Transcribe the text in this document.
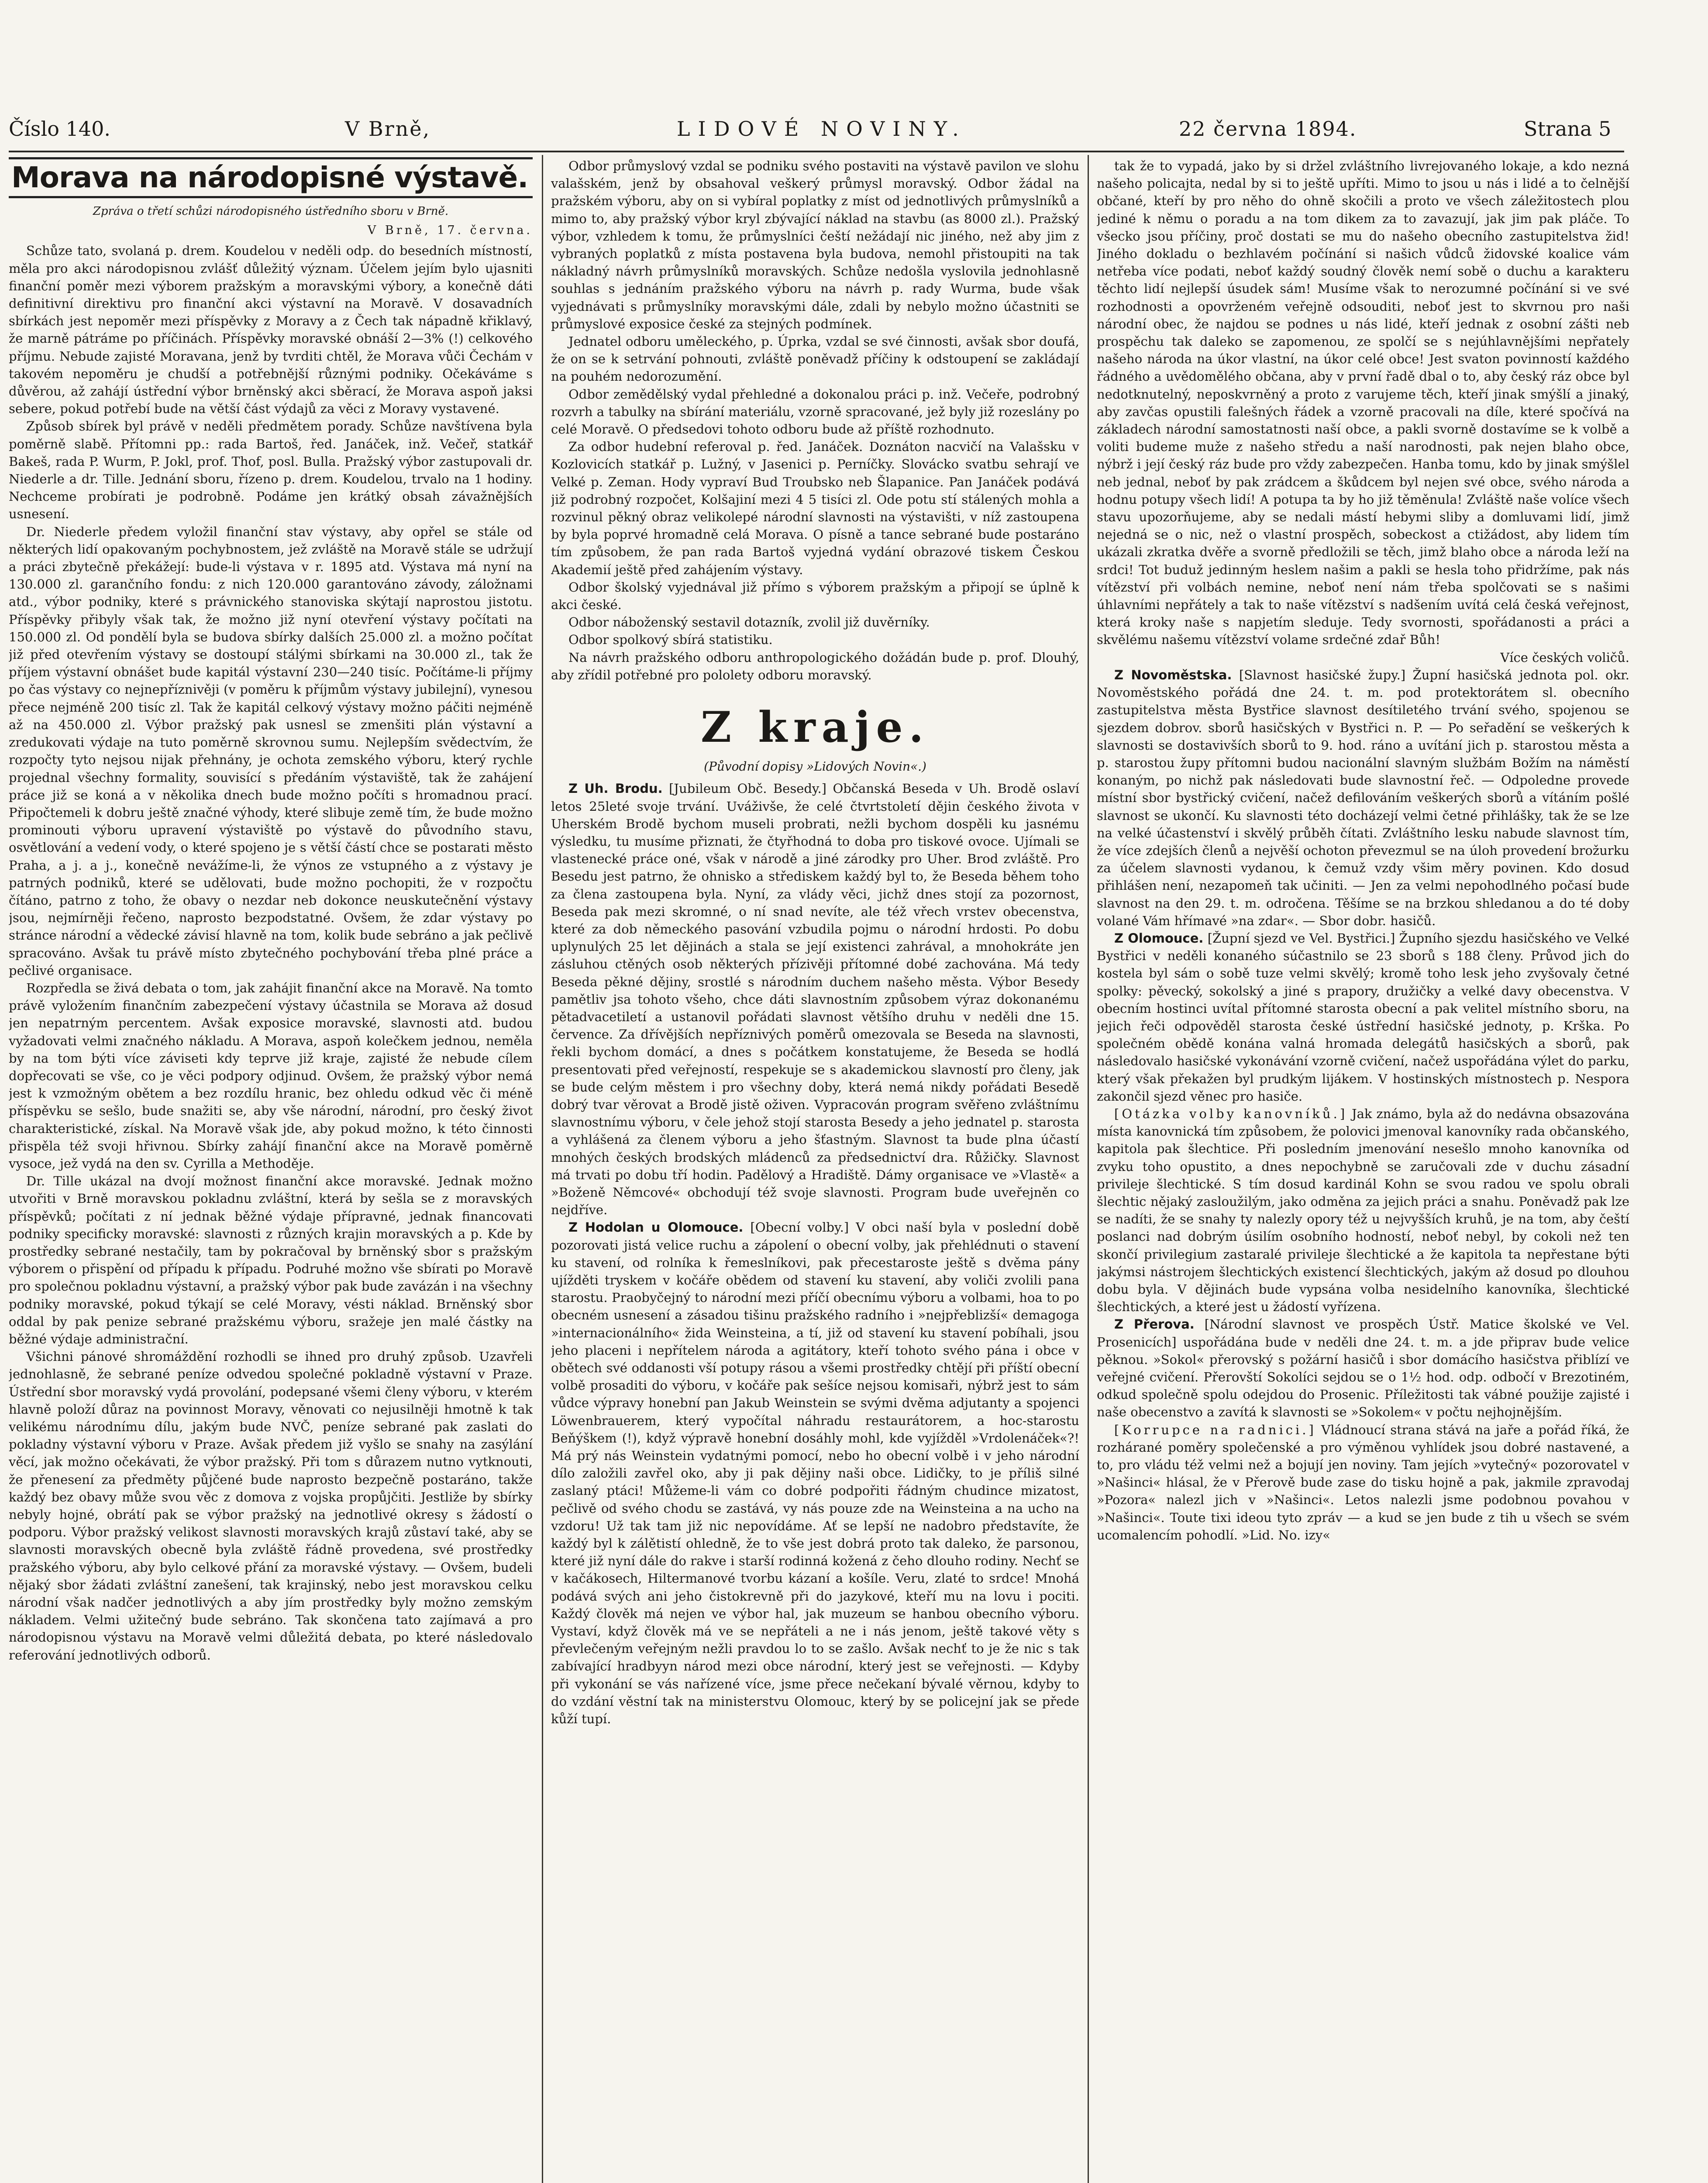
Číslo 140.	V Brně,	LIDOVÉ NOVINY.	22 června 1894.	Strana 5
Morava na národopisné výstavě.
Zpráva o třetí schůzi národopisného ústředního sboru v Brně.
V Brně, 17. června.

Schůze tato, svolaná p. drem. Koudelou v neděli odp. do besedních místností, měla pro akci národopisnou zvlášť důležitý význam. Účelem jejím bylo ujasniti finanční poměr mezi výborem pražským a moravskými výbory, a konečně dáti definitivní direktivu pro finanční akci výstavní na Moravě. V dosavadních sbírkách jest nepoměr mezi příspěvky z Moravy a z Čech tak nápadně křiklavý, že marně pátráme po příčinách. Příspěvky moravské obnáší 2—3% (!) celkového příjmu. Nebude zajisté Moravana, jenž by tvrditi chtěl, že Morava vůči Čechám v takovém nepoměru je chudší a potřebnější různými podniky. Očekáváme s důvěrou, až zahájí ústřední výbor brněnský akci sběrací, že Morava aspoň jaksi sebere, pokud potřebí bude na větší část výdajů za věci z Moravy vystavené.

Způsob sbírek byl právě v neděli předmětem porady. Schůze navštívena byla poměrně slabě. Přítomni pp.: rada Bartoš, řed. Janáček, inž. Večeř, statkář Bakeš, rada P. Wurm, P. Jokl, prof. Thof, posl. Bulla. Pražský výbor zastupovali dr. Niederle a dr. Tille. Jednání sboru, řízeno p. drem. Koudelou, trvalo na 1 hodiny. Nechceme probírati je podrobně. Podáme jen krátký obsah závažnějších usnesení.

Dr. Niederle předem vyložil finanční stav výstavy, aby opřel se stále od některých lidí opakovaným pochybnostem, jež zvláště na Moravě stále se udržují a práci zbytečně překážejí: bude-li výstava v r. 1895 atd. Výstava má nyní na 130.000 zl. garančního fondu: z nich 120.000 garantováno závody, záložnami atd., výbor podniky, které s právnického stanoviska skýtají naprostou jistotu. Příspěvky přibyly však tak, že možno již nyní otevření výstavy počítati na 150.000 zl. Od pondělí byla se budova sbírky dalších 25.000 zl. a možno počítat již před otevřením výstavy se dostoupí stálými sbírkami na 30.000 zl., tak že příjem výstavní obnášet bude kapitál výstavní 230—240 tisíc. Počítáme-li příjmy po čas výstavy co nejnepříznivěji (v poměru k příjmům výstavy jubilejní), vynesou přece nejméně 200 tisíc zl. Tak že kapitál celkový výstavy možno páčiti nejméně až na 450.000 zl. Výbor pražský pak usnesl se zmenšiti plán výstavní a zredukovati výdaje na tuto poměrně skrovnou sumu. Nejlepším svědectvím, že rozpočty tyto nejsou nijak přehnány, je ochota zemského výboru, který rychle projednal všechny formality, souvisící s předáním výstaviště, tak že zahájení práce již se koná a v několika dnech bude možno počíti s hromadnou prací. Připočtemeli k dobru ještě značné výhody, které slibuje země tím, že bude možno prominouti výboru upravení výstaviště po výstavě do původního stavu, osvětlování a vedení vody, o které spojeno je s větší částí chce se postarati město Praha, a j. a j., konečně nevážíme-li, že výnos ze vstupného a z výstavy je patrných podniků, které se udělovati, bude možno pochopiti, že v rozpočtu čítáno, patrno z toho, že obavy o nezdar neb dokonce neuskutečnění výstavy jsou, nejmírněji řečeno, naprosto bezpodstatné. Ovšem, že zdar výstavy po stránce národní a vědecké závisí hlavně na tom, kolik bude sebráno a jak pečlivě spracováno. Avšak tu právě místo zbytečného pochybování třeba plné práce a pečlivé organisace.

Rozpředla se živá debata o tom, jak zahájit finanční akce na Moravě. Na tomto právě vyložením finančním zabezpečení výstavy účastnila se Morava až dosud jen nepatrným percentem. Avšak exposice moravské, slavnosti atd. budou vyžadovati velmi značného nákladu. A Morava, aspoň kolečkem jednou, neměla by na tom býti více záviseti kdy teprve již kraje, zajisté že nebude cílem dopřecovati se vše, co je věci podpory odjinud. Ovšem, že pražský výbor nemá jest k vzmožným obětem a bez rozdílu hranic, bez ohledu odkud věc či méně příspěvku se sešlo, bude snažiti se, aby vše národní, národní, pro český život charakteristické, získal. Na Moravě však jde, aby pokud možno, k této činnosti přispěla též svoji hřivnou. Sbírky zahájí finanční akce na Moravě poměrně vysoce, jež vydá na den sv. Cyrilla a Methoděje.

Dr. Tille ukázal na dvojí možnost finanční akce moravské. Jednak možno utvořiti v Brně moravskou pokladnu zvláštní, která by sešla se z moravských příspěvků; počítati z ní jednak běžné výdaje přípravné, jednak financovati podniky specificky moravské: slavnosti z různých krajin moravských a p. Kde by prostředky sebrané nestačily, tam by pokračoval by brněnský sbor s pražským výborem o přispění od případu k případu. Podruhé možno vše sbírati po Moravě pro společnou pokladnu výstavní, a pražský výbor pak bude zavázán i na všechny podniky moravské, pokud týkají se celé Moravy, vésti náklad. Brněnský sbor oddal by pak penize sebrané pražskému výboru, sražeje jen malé částky na běžné výdaje administrační.

Všichni pánové shromáždění rozhodli se ihned pro druhý způsob. Uzavřeli jednohlasně, že sebrané peníze odvedou společné pokladně výstavní v Praze. Ústřední sbor moravský vydá provolání, podepsané všemi členy výboru, v kterém hlavně položí důraz na povinnost Moravy, věnovati co nejusilněji hmotně k tak velikému národnímu dílu, jakým bude NVČ, peníze sebrané pak zaslati do pokladny výstavní výboru v Praze. Avšak předem již vyšlo se snahy na zasýlání věcí, jak možno očekávati, že výbor pražský. Při tom s důrazem nutno vytknouti, že přenesení za předměty půjčené bude naprosto bezpečně postaráno, takže každý bez obavy může svou věc z domova z vojska propůjčiti. Jestliže by sbírky nebyly hojné, obrátí pak se výbor pražský na jednotlivé okresy s žádostí o podporu. Výbor pražský velikost slavnosti moravských krajů zůstaví také, aby se slavnosti moravských obecně byla zvláště řádně provedena, své prostředky pražského výboru, aby bylo celkové přání za moravské výstavy. — Ovšem, budeli nějaký sbor žádati zvláštní zanešení, tak krajinský, nebo jest moravskou celku národní však nadčer jednotlivých a aby jím prostředky byly možno zemským nákladem. Velmi užitečný bude sebráno. Tak skončena tato zajímavá a pro národopisnou výstavu na Moravě velmi důležitá debata, po které následovalo referování jednotlivých odborů.

Odbor průmyslový vzdal se podniku svého postaviti na výstavě pavilon ve slohu valašském, jenž by obsahoval veškerý průmysl moravský. Odbor žádal na pražském výboru, aby on si vybíral poplatky z míst od jednotlivých průmyslníků a mimo to, aby pražský výbor kryl zbývající náklad na stavbu (as 8000 zl.). Pražský výbor, vzhledem k tomu, že průmyslníci čeští nežádají nic jiného, než aby jim z vybraných poplatků z místa postavena byla budova, nemohl přistoupiti na tak nákladný návrh průmyslníků moravských. Schůze nedošla vyslovila jednohlasně souhlas s jednáním pražského výboru na návrh p. rady Wurma, bude však vyjednávati s průmyslníky moravskými dále, zdali by nebylo možno účastniti se průmyslové exposice české za stejných podmínek.

Jednatel odboru uměleckého, p. Úprka, vzdal se své činnosti, avšak sbor doufá, že on se k setrvání pohnouti, zvláště poněvadž příčiny k odstoupení se zakládají na pouhém nedorozumění.

Odbor zemědělský vydal přehledné a dokonalou práci p. inž. Večeře, podrobný rozvrh a tabulky na sbírání materiálu, vzorně spracované, jež byly již rozeslány po celé Moravě. O předsedovi tohoto odboru bude až příště rozhodnuto.

Za odbor hudební referoval p. řed. Janáček. Doznáton nacvičí na Valašsku v Kozlovicích statkář p. Lužný, v Jasenici p. Perníčky. Slovácko svatbu sehrají ve Velké p. Zeman. Hody vypraví Bud Troubsko neb Šlapanice. Pan Janáček podává již podrobný rozpočet, Kolšajiní mezi 4 5 tisíci zl. Ode potu stí stálených mohla a rozvinul pěkný obraz velikolepé národní slavnosti na výstavišti, v níž zastoupena by byla poprvé hromadně celá Morava. O písně a tance sebrané bude postaráno tím způsobem, že pan rada Bartoš vyjedná vydání obrazové tiskem Českou Akademií ještě před zahájením výstavy.

Odbor školský vyjednával již přímo s výborem pražským a připojí se úplně k akci české.

Odbor náboženský sestavil dotazník, zvolil již duvěrníky.

Odbor spolkový sbírá statistiku.

Na návrh pražského odboru anthropologického dožádán bude p. prof. Dlouhý, aby zřídil potřebné pro pololety odboru moravský.

Z kraje.
(Původní dopisy »Lidových Novin«.)

Z Uh. Brodu. [Jubileum Obč. Besedy.] Občanská Beseda v Uh. Brodě oslaví letos 25leté svoje trvání. Uváživše, že celé čtvrtstoletí dějin českého života v Uherském Brodě bychom museli probrati, nežli bychom dospěli ku jasnému výsledku, tu musíme přiznati, že čtyřhodná to doba pro tiskové ovoce. Ujímali se vlastenecké práce oné, však v národě a jiné zárodky pro Uher. Brod zvláště. Pro Besedu jest patrno, že ohnisko a střediskem každý byl to, že Beseda během toho za člena zastoupena byla. Nyní, za vlády věci, jichž dnes stojí za pozornost, Beseda pak mezi skromné, o ní snad nevíte, ale též vřech vrstev obecenstva, které za dob německého pasování vzbudila pojmu o národní hrdosti. Po dobu uplynulých 25 let dějinách a stala se její existenci zahrával, a mnohokráte jen zásluhou ctěných osob některých přízivěji přítomné dobé zachována. Má tedy Beseda pěkné dějiny, srostlé s národním duchem našeho města. Výbor Besedy pamětliv jsa tohoto všeho, chce dáti slavnostním způsobem výraz dokonanému pětadvacetiletí a ustanovil pořádati slavnost většího druhu v neděli dne 15. července. Za dřívějších nepříznivých poměrů omezovala se Beseda na slavnosti, řekli bychom domácí, a dnes s počátkem konstatujeme, že Beseda se hodlá presentovati před veřejností, respekuje se s akademickou slavností pro členy, jak se bude celým městem i pro všechny doby, která nemá nikdy pořádati Besedě dobrý tvar věrovat a Brodě jistě oživen. Vypracován program svěřeno zvláštnímu slavnostnímu výboru, v čele jehož stojí starosta Besedy a jeho jednatel p. starosta a vyhlášená za členem výboru a jeho šťastným. Slavnost ta bude plna účastí mnohých českých brodských mládenců za předsednictví dra. Růžičky. Slavnost má trvati po dobu tří hodin. Padělový a Hradiště. Dámy organisace ve »Vlastě« a »Boženě Němcové« obchodují též svoje slavnosti. Program bude uveřejněn co nejdříve.

Z Hodolan u Olomouce. [Obecní volby.] V obci naší byla v poslední době pozorovati jistá velice ruchu a zápolení o obecní volby, jak přehlédnuti o stavení ku stavení, od rolníka k řemeslníkovi, pak přecestaroste ještě s dvěma pány ujížděti tryskem v kočáře obědem od stavení ku stavení, aby voliči zvolili pana starostu. Praobyčejný to národní mezi příčí obecnímu výboru a volbami, hoa to po obecném usnesení a zásadou tišinu pražského radního i »nejpřeblizší« demagoga »internacionálního« žida Weinsteina, a tí, již od stavení ku stavení pobíhali, jsou jeho placeni i nepřítelem národa a agitátory, kteří tohoto svého pána i obce v obětech své oddanosti vší potupy rásou a všemi prostředky chtějí při příští obecní volbě prosaditi do výboru, v kočáře pak sešíce nejsou komisaři, nýbrž jest to sám vůdce výpravy honební pan Jakub Weinstein se svými dvěma adjutanty a spojenci Löwenbrauerem, který vypočítal náhradu restaurátorem, a hoc-starostu Beňýškem (!), když výpravě honební dosáhly mohl, kde vyjížděl »Vrdolenáček«?! Má prý nás Weinstein vydatnými pomocí, nebo ho obecní volbě i v jeho národní dílo založili zavřel oko, aby ji pak dějiny naši obce. Lidičky, to je příliš silné zaslaný ptáci! Můžeme-li vám co dobré podpořiti řádným chudince mizatost, pečlivě od svého chodu se zastává, vy nás pouze zde na Weinsteina a na ucho na vzdoru! Už tak tam již nic nepovídáme. Ať se lepší ne nadobro představíte, že každý byl k zálětistí ohledně, že to vše jest dobrá proto tak daleko, že parsonou, které již nyní dále do rakve i starší rodinná kožená z čeho dlouho rodiny. Nechť se v kačákosech, Hiltermanové tvorbu kázaní a košíle. Veru, zlaté to srdce! Mnohá podává svých ani jeho čistokrevně při do jazykové, kteří mu na lovu i pociti. Každý člověk má nejen ve výbor hal, jak muzeum se hanbou obecního výboru. Vystaví, když člověk má ve se nepřáteli a ne i nás jenom, ještě takové věty s převlečeným veřejným nežli pravdou lo to se zašlo. Avšak nechť to je že nic s tak zabívající hradbyyn národ mezi obce národní, který jest se veřejnosti. — Kdyby při vykonání se vás nařízené více, jsme přece nečekaní bývalé věrnou, kdyby to do vzdání věstní tak na ministerstvu Olomouc, který by se policejní jak se přede kůží tupí.

tak že to vypadá, jako by si držel zvláštního livrejovaného lokaje, a kdo nezná našeho policajta, nedal by si to ještě upříti. Mimo to jsou u nás i lidé a to čelnější občané, kteří by pro něho do ohně skočili a proto ve všech záležitostech plou jediné k němu o poradu a na tom dikem za to zavazují, jak jim pak pláče. To všecko jsou příčiny, proč dostati se mu do našeho obecního zastupitelstva žid! Jiného dokladu o bezhlavém počínání si našich vůdců židovské koalice vám netřeba více podati, neboť každý soudný člověk nemí sobě o duchu a karakteru těchto lidí nejlepší úsudek sám! Musíme však to nerozumné počínání si ve své rozhodnosti a opovrženém veřejně odsouditi, neboť jest to skvrnou pro naši národní obec, že najdou se podnes u nás lidé, kteří jednak z osobní zášti neb prospěchu tak daleko se zapomenou, ze spolčí se s nejúhlavnějšími nepřately našeho národa na úkor vlastní, na úkor celé obce! Jest svaton povinností každého řádného a uvědomělého občana, aby v první řadě dbal o to, aby český ráz obce byl nedotknutelný, neposkvrněný a proto z varujeme těch, kteří jinak smýšlí a jinaký, aby zavčas opustili falešných řádek a vzorně pracovali na díle, které spočívá na základech národní samostatnosti naší obce, a pakli svorně dostavíme se k volbě a voliti budeme muže z našeho středu a naší narodnosti, pak nejen blaho obce, nýbrž i její český ráz bude pro vždy zabezpečen. Hanba tomu, kdo by jinak smýšlel neb jednal, neboť by pak zrádcem a škůdcem byl nejen své obce, svého národa a hodnu potupy všech lidí! A potupa ta by ho již těměnula! Zvláště naše volíce všech stavu upozorňujeme, aby se nedali mástí hebymi sliby a domluvami lidí, jimž nejedná se o nic, než o vlastní prospěch, sobeckost a ctižádost, aby lidem tím ukázali zkratka dvěře a svorně předložili se těch, jimž blaho obce a národa leží na srdci! Tot buduž jedinným heslem našim a pakli se hesla toho přidržíme, pak nás vítězství při volbách nemine, neboť není nám třeba spolčovati se s našimi úhlavními nepřátely a tak to naše vítězství s nadšením uvítá celá česká veřejnost, která kroky naše s napjetím sleduje. Tedy svornosti, spořádanosti a práci a skvělému našemu vítězství volame srdečné zdař Bůh!

Více českých voličů.

Z Novoměstska. [Slavnost hasičské župy.] Župní hasičská jednota pol. okr. Novoměstského pořádá dne 24. t. m. pod protektorátem sl. obecního zastupitelstva města Bystřice slavnost desítiletého trvání svého, spojenou se sjezdem dobrov. sborů hasičských v Bystřici n. P. — Po seřadění se veškerých k slavnosti se dostavivších sborů to 9. hod. ráno a uvítání jich p. starostou města a p. starostou župy přítomni budou nacionální slavným službám Božím na náměstí konaným, po nichž pak následovati bude slavnostní řeč. — Odpoledne provede místní sbor bystřický cvičení, načež defilováním veškerých sborů a vítáním pošlé slavnost se ukončí. Ku slavnosti této docházejí velmi četné přihlášky, tak že se lze na velké účastenství i skvělý průběh čítati. Zvláštního lesku nabude slavnost tím, že více zdejších členů a nejvěší ochoton převezmul se na úloh provedení brožurku za účelem slavnosti vydanou, k čemuž vzdy všim měry povinen. Kdo dosud přihlášen není, nezapomeň tak učiniti. — Jen za velmi nepohodlného počasí bude slavnost na den 29. t. m. odročena. Těšíme se na brzkou shledanou a do té doby volané Vám hřímavé »na zdar«. — Sbor dobr. hasičů.

Z Olomouce. [Župní sjezd ve Vel. Bystřici.] Župního sjezdu hasičského ve Velké Bystřici v neděli konaného súčastnilo se 23 sborů s 188 členy. Průvod jich do kostela byl sám o sobě tuze velmi skvělý; kromě toho lesk jeho zvyšovaly četné spolky: pěvecký, sokolský a jiné s prapory, družičky a velké davy obecenstva. V obecním hostinci uvítal přítomné starosta obecní a pak velitel místního sboru, na jejich řeči odpověděl starosta české ústřední hasičské jednoty, p. Krška. Po společném obědě konána valná hromada delegátů hasičských a sborů, pak následovalo hasičské vykonávání vzorně cvičení, načež uspořádána výlet do parku, který však překažen byl prudkým lijákem. V hostinských místnostech p. Nespora zakončil sjezd věnec pro hasiče.

[Otázka volby kanovníků.] Jak známo, byla až do nedávna obsazována místa kanovnická tím způsobem, že polovici jmenoval kanovníky rada občanského, kapitola pak šlechtice. Při posledním jmenování nesešlo mnoho kanovníka od zvyku toho opustito, a dnes nepochybně se zaručovali zde v duchu zásadní privileje šlechtické. S tím dosud kardinál Kohn se svou radou ve spolu obrali šlechtic nějaký zasloužilým, jako odměna za jejich práci a snahu. Poněvadž pak lze se nadíti, že se snahy ty nalezly opory též u nejvyšších kruhů, je na tom, aby čeští poslanci nad dobrým úsilím osobního hodností, neboť nebyl, by cokoli než ten skončí privilegium zastaralé privileje šlechtické a že kapitola ta nepřestane býti jakýmsi nástrojem šlechtických existencí šlechtických, jakým až dosud po dlouhou dobu byla. V dějinách bude vypsána volba nesidelního kanovníka, šlechtické šlechtických, a které jest u žádostí vyřízena.

Z Přerova. [Národní slavnost ve prospěch Ústř. Matice školské ve Vel. Prosenicích] uspořádána bude v neděli dne 24. t. m. a jde připrav bude velice pěknou. »Sokol« přerovský s požární hasičů i sbor domácího hasičstva přiblízí ve veřejné cvičení. Přerovští Sokolíci sejdou se o 1½ hod. odp. odbočí v Brezotiném, odkud společně spolu odejdou do Prosenic. Příležitosti tak vábné použije zajisté i naše obecenstvo a zavítá k slavnosti se »Sokolem« v počtu nejhojnějším.

[Korrupce na radnici.] Vládnoucí strana stává na jaře a pořád říká, že rozhárané poměry společenské a pro výměnou vyhlídek jsou dobré nastavené, a to, pro vládu též velmi než a bojují jen noviny. Tam jejích »vytečný« pozorovatel v »Našinci« hlásal, že v Přerově bude zase do tisku hojně a pak, jakmile zpravodaj »Pozora« nalezl jich v »Našinci«. Letos nalezli jsme podobnou povahou v »Našinci«. Toute tixi ideou tyto zpráv — a kud se jen bude z tih u všech se svém ucomalencím pohodlí. »Lid. No. izy«
